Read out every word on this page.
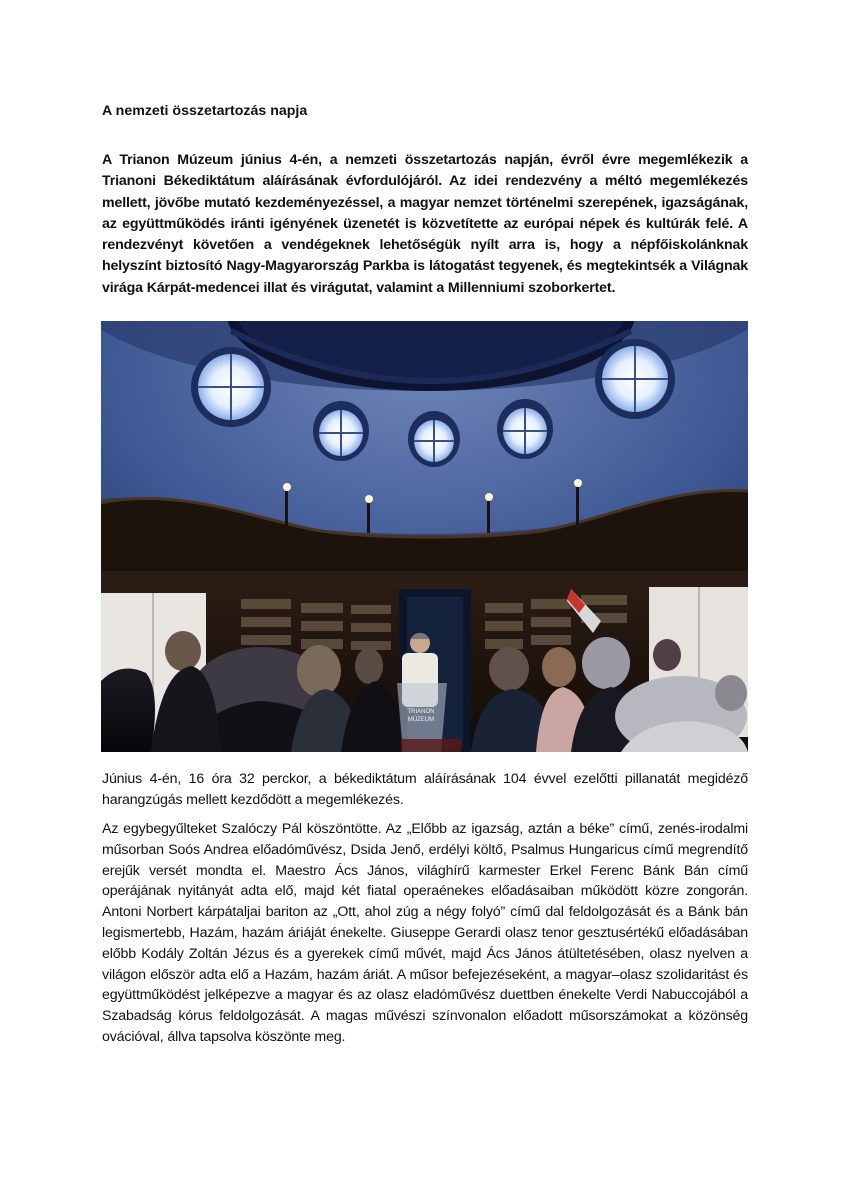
A nemzeti összetartozás napja

A Trianon Múzeum június 4-én, a nemzeti összetartozás napján, évről évre megemlékezik a Trianoni Békediktátum aláírásának évfordulójáról. Az idei rendezvény a méltó megemlékezés mellett, jövőbe mutató kezdeményezéssel, a magyar nemzet történelmi szerepének, igazságának, az együttműködés iránti igényének üzenetét is közvetítette az európai népek és kultúrák felé. A rendezvényt követően a vendégeknek lehetőségük nyílt arra is, hogy a népfőiskolánknak helyszínt biztosító Nagy-Magyarország Parkba is látogatást tegyenek, és megtekintsék a Világnak virága Kárpát-medencei illat és virágutat, valamint a Millenniumi szoborkertet.

TRIANON
MÚZEUM

Június 4-én, 16 óra 32 perckor, a békediktátum aláírásának 104 évvel ezelőtti pillanatát megidéző harangzúgás mellett kezdődött a megemlékezés.

Az egybegyűlteket Szalóczy Pál köszöntötte. Az „Előbb az igazság, aztán a béke” című, zenés-irodalmi műsorban Soós Andrea előadóművész, Dsida Jenő, erdélyi költő, Psalmus Hungaricus című megrendítő erejűk versét mondta el. Maestro Ács János, világhírű karmester Erkel Ferenc Bánk Bán című operájának nyitányát adta elő, majd két fiatal operaénekes előadásaiban működött közre zongorán. Antoni Norbert kárpátaljai bariton az „Ott, ahol zúg a négy folyó” című dal feldolgozását és a Bánk bán legismertebb, Hazám, hazám áriáját énekelte. Giuseppe Gerardi olasz tenor gesztusértékű előadásában előbb Kodály Zoltán Jézus és a gyerekek című művét, majd Ács János átültetésében, olasz nyelven a világon először adta elő a Hazám, hazám áriát. A műsor befejezéseként, a magyar–olasz szolidaritást és együttműködést jelképezve a magyar és az olasz eladóművész duettben énekelte Verdi Nabuccojából a Szabadság kórus feldolgozását. A magas művészi színvonalon előadott műsorszámokat a közönség ovációval, állva tapsolva köszönte meg.
